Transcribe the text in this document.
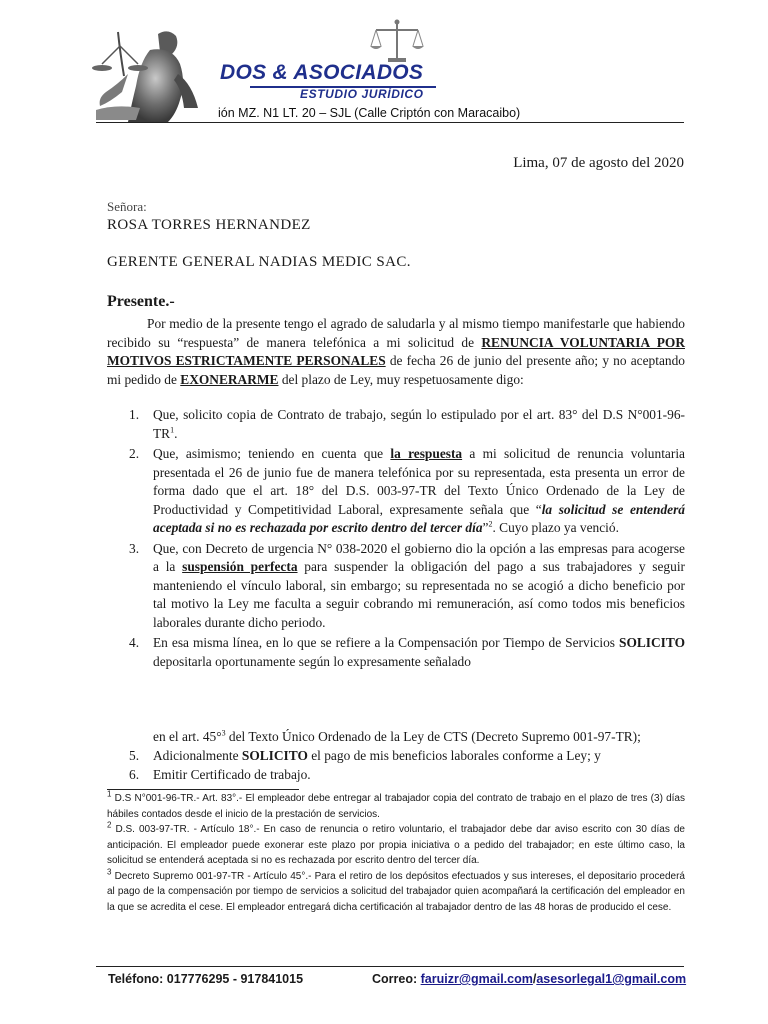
DOS & ASOCIADOS
ESTUDIO JURÍDICO
ión MZ. N1 LT. 20 – SJL (Calle Criptón con Maracaibo)
Lima, 07 de agosto del 2020
Señora:
ROSA TORRES HERNANDEZ
GERENTE GENERAL NADIAS MEDIC SAC.
Presente.-
Por medio de la presente tengo el agrado de saludarla y al mismo tiempo manifestarle que habiendo recibido su “respuesta” de manera telefónica a mi solicitud de RENUNCIA VOLUNTARIA POR MOTIVOS ESTRICTAMENTE PERSONALES de fecha 26 de junio del presente año; y no aceptando mi pedido de EXONERARME del plazo de Ley, muy respetuosamente digo:
1. Que, solicito copia de Contrato de trabajo, según lo estipulado por el art. 83° del D.S $N^\circ 001-96-TR^1$.
2. Que, asimismo; teniendo en cuenta que la respuesta a mi solicitud de renuncia voluntaria presentada el 26 de junio fue de manera telefónica por su representada, esta presenta un error de forma dado que el art. 18° del D.S. 003-97-TR del Texto Único Ordenado de la Ley de Productividad y Competitividad Laboral, expresamente señala que “la solicitud se entenderá aceptada si no es rechazada por escrito dentro del tercer día”$^2$. Cuyo plazo ya venció.
3. Que, con Decreto de urgencia N° 038-2020 el gobierno dio la opción a las empresas para acogerse a la suspensión perfecta para suspender la obligación del pago a sus trabajadores y seguir manteniendo el vínculo laboral, sin embargo; su representada no se acogió a dicho beneficio por tal motivo la Ley me faculta a seguir cobrando mi remuneración, así como todos mis beneficios laborales durante dicho periodo.
4. En esa misma línea, en lo que se refiere a la Compensación por Tiempo de Servicios SOLICITO depositarla oportunamente según lo expresamente señalado
en el art. 45°$^3$ del Texto Único Ordenado de la Ley de CTS (Decreto Supremo 001-97-TR);
5. Adicionalmente SOLICITO el pago de mis beneficios laborales conforme a Ley; y
6. Emitir Certificado de trabajo.

$^1$ D.S N°001-96-TR.- Art. 83°.- El empleador debe entregar al trabajador copia del contrato de trabajo en el plazo de tres (3) días hábiles contados desde el inicio de la prestación de servicios.

$^2$ D.S. 003-97-TR. - Artículo 18°.- En caso de renuncia o retiro voluntario, el trabajador debe dar aviso escrito con 30 días de anticipación. El empleador puede exonerar este plazo por propia iniciativa o a pedido del trabajador; en este último caso, la solicitud se entenderá aceptada si no es rechazada por escrito dentro del tercer día.

$^3$ Decreto Supremo 001-97-TR - Artículo 45°.- Para el retiro de los depósitos efectuados y sus intereses, el depositario procederá al pago de la compensación por tiempo de servicios a solicitud del trabajador quien acompañará la certificación del empleador en la que se acredita el cese. El empleador entregará dicha certificación al trabajador dentro de las 48 horas de producido el cese.

Teléfono: 017776295 - 917841015	Correo: faruizr@gmail.com/asesorlegal1@gmail.com
